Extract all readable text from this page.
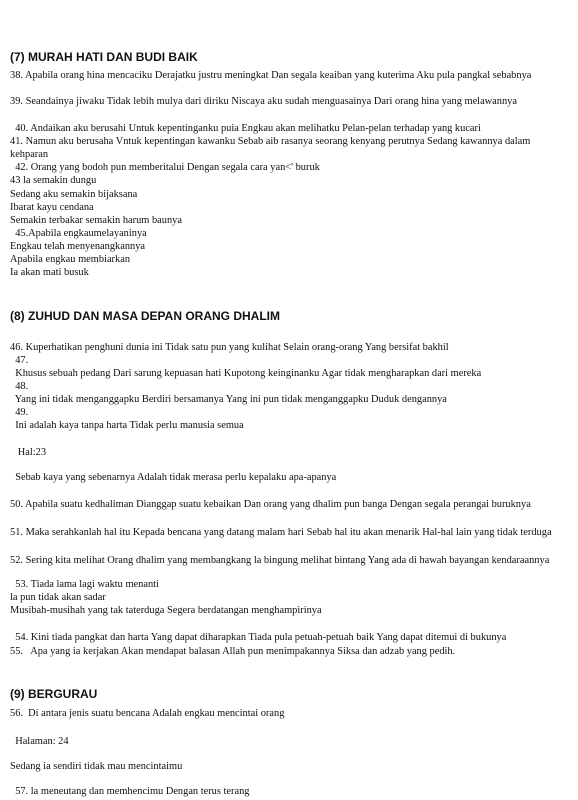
(7) MURAH HATI DAN BUDI BAIK
38. Apabila orang hina mencaciku Derajatku justru meningkat Dan segala keaiban yang kuterima Aku pula pangkal sebabnya
39. Seandainya jiwaku Tidak lebih mulya dari diriku Niscaya aku sudah menguasainya Dari orang hina yang melawannya
40. Andaikan aku berusahi Untuk kepentinganku puia Engkau akan melihatku Pelan-pelan terhadap yang kucari
41. Namun aku berusaha Vntuk kepentingan kawanku Sebab aib rasanya seorang kenyang perutnya Sedang kawannya dalam kehparan
42. Orang yang bodoh pun memberitalui Dengan segala cara yan<' buruk
43 la semakin dungu
Sedang aku semakin bijaksana
Ibarat kayu cendana
Semakin terbakar semakin harum baunya
45.Apabila engkaumelayaninya
Engkau telah menyenangkannya
Apabila engkau membiarkan
Ia akan mati busuk
(8) ZUHUD DAN MASA DEPAN ORANG DHALIM
46. Kuperhatikan penghuni dunia ini Tidak satu pun yang kulihat Selain orang-orang Yang bersifat bakhil
47.
Khusus sebuah pedang Dari sarung kepuasan hati Kupotong keinginanku Agar tidak mengharapkan dari mereka
48.
Yang ini tidak menganggapku Berdiri bersamanya Yang ini pun tidak menganggapku Duduk dengannya
49.
Ini adalah kaya tanpa harta Tidak perlu manusia semua
Hal:23
Sebab kaya yang sebenarnya Adalah tidak merasa perlu kepalaku apa-apanya
50. Apabila suatu kedhaliman Dianggap suatu kebaikan Dan orang yang dhalim pun banga Dengan segala perangai buruknya
51. Maka serahkanlah hal itu Kepada bencana yang datang malam hari Sebab hal itu akan menarik Hal-hal lain yang tidak terduga
52. Sering kita melihat Orang dhalim yang membangkang la bingung melihat bintang Yang ada di hawah bayangan kendaraannya
53. Tiada lama lagi waktu menanti
la pun tidak akan sadar
Musibah-musihah yang tak taterduga Segera berdatangan menghampirinya
54. Kini tiada pangkat dan harta Yang dapat diharapkan Tiada pula petuah-petuah baik Yang dapat ditemui di bukunya
55.   Apa yang ia kerjakan Akan mendapat balasan Allah pun menimpakannya Siksa dan adzab yang pedih.
(9) BERGURAU
56.  Di antara jenis suatu bencana Adalah engkau mencintai orang
Halaman: 24
Sedang ia sendiri tidak mau mencintaimu
57. la meneutang dan memhencimu Dengan terus terang
